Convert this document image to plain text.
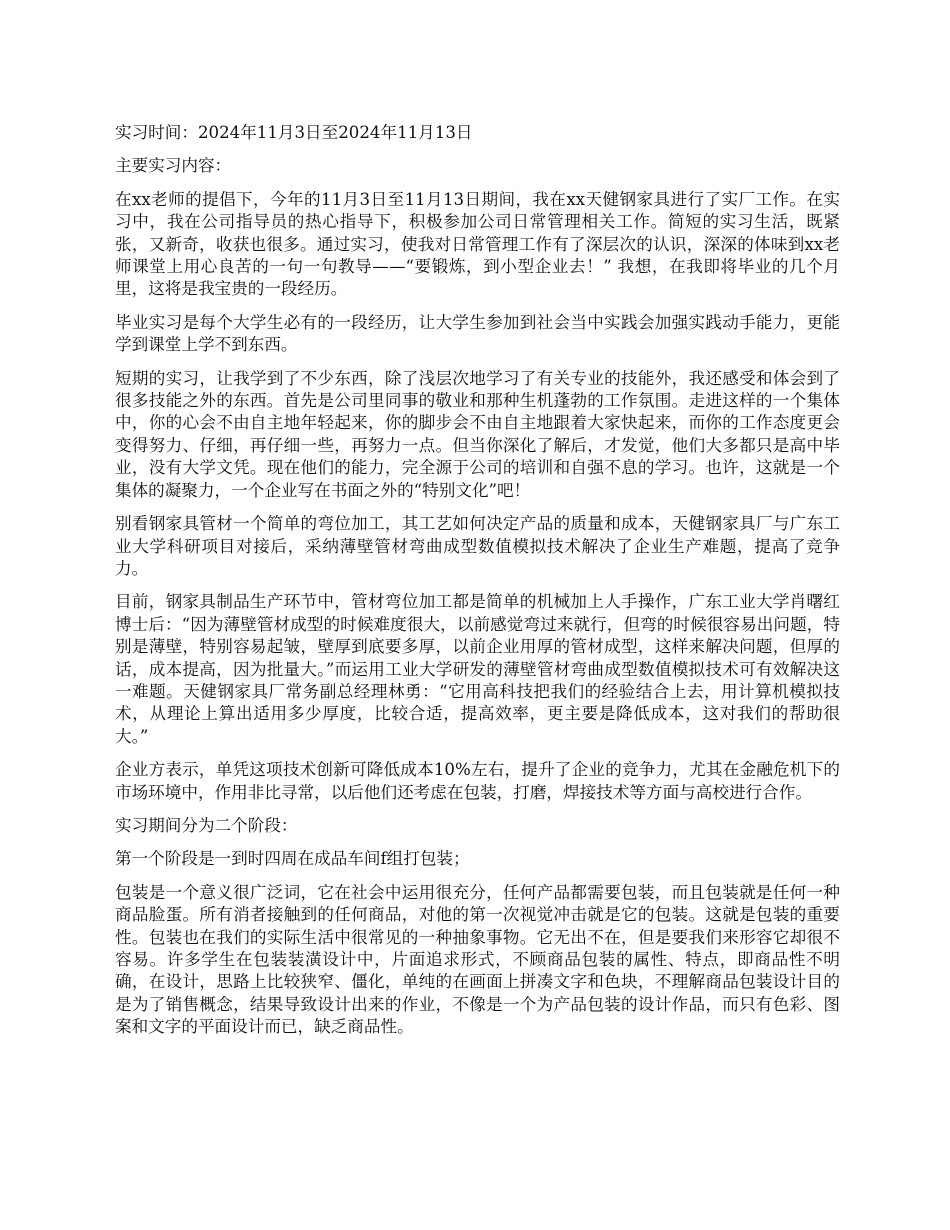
实习时间：2024年11月3日至2024年11月13日

主要实习内容：

在xx老师的提倡下，今年的11月3日至11月13日期间，我在xx天健钢家具进行了实厂工作。在实习中，我在公司指导员的热心指导下，积极参加公司日常管理相关工作。简短的实习生活，既紧张，又新奇，收获也很多。通过实习，使我对日常管理工作有了深层次的认识，深深的体味到xx老师课堂上用心良苦的一句一句教导——“要锻炼，到小型企业去！” 我想，在我即将毕业的几个月里，这将是我宝贵的一段经历。

毕业实习是每个大学生必有的一段经历，让大学生参加到社会当中实践会加强实践动手能力，更能学到课堂上学不到东西。

短期的实习，让我学到了不少东西，除了浅层次地学习了有关专业的技能外，我还感受和体会到了很多技能之外的东西。首先是公司里同事的敬业和那种生机蓬勃的工作氛围。走进这样的一个集体中，你的心会不由自主地年轻起来，你的脚步会不由自主地跟着大家快起来，而你的工作态度更会变得努力、仔细，再仔细一些，再努力一点。但当你深化了解后，才发觉，他们大多都只是高中毕业，没有大学文凭。现在他们的能力，完全源于公司的培训和自强不息的学习。也许，这就是一个集体的凝聚力，一个企业写在书面之外的“特别文化”吧！

别看钢家具管材一个简单的弯位加工，其工艺如何决定产品的质量和成本，天健钢家具厂与广东工业大学科研项目对接后，采纳薄壁管材弯曲成型数值模拟技术解决了企业生产难题，提高了竞争力。

目前，钢家具制品生产环节中，管材弯位加工都是简单的机械加上人手操作，广东工业大学肖曙红博士后：“因为薄壁管材成型的时候难度很大，以前感觉弯过来就行，但弯的时候很容易出问题，特别是薄壁，特别容易起皱，壁厚到底要多厚，以前企业用厚的管材成型，这样来解决问题，但厚的话，成本提高，因为批量大。”而运用工业大学研发的薄壁管材弯曲成型数值模拟技术可有效解决这一难题。天健钢家具厂常务副总经理林勇：“它用高科技把我们的经验结合上去，用计算机模拟技术，从理论上算出适用多少厚度，比较合适，提高效率，更主要是降低成本，这对我们的帮助很大。”

企业方表示，单凭这项技术创新可降低成本10%左右，提升了企业的竞争力，尤其在金融危机下的市场环境中，作用非比寻常，以后他们还考虑在包装，打磨，焊接技术等方面与高校进行合作。

实习期间分为二个阶段：

第一个阶段是一到时四周在成品车间f组打包装；

包装是一个意义很广泛词，它在社会中运用很充分，任何产品都需要包装，而且包装就是任何一种商品脸蛋。所有消者接触到的任何商品，对他的第一次视觉冲击就是它的包装。这就是包装的重要性。包装也在我们的实际生活中很常见的一种抽象事物。它无出不在，但是要我们来形容它却很不容易。许多学生在包装装潢设计中，片面追求形式，不顾商品包装的属性、特点，即商品性不明确，在设计，思路上比较狭窄、僵化，单纯的在画面上拼凑文字和色块，不理解商品包装设计目的是为了销售概念，结果导致设计出来的作业，不像是一个为产品包装的设计作品，而只有色彩、图案和文字的平面设计而已，缺乏商品性。
